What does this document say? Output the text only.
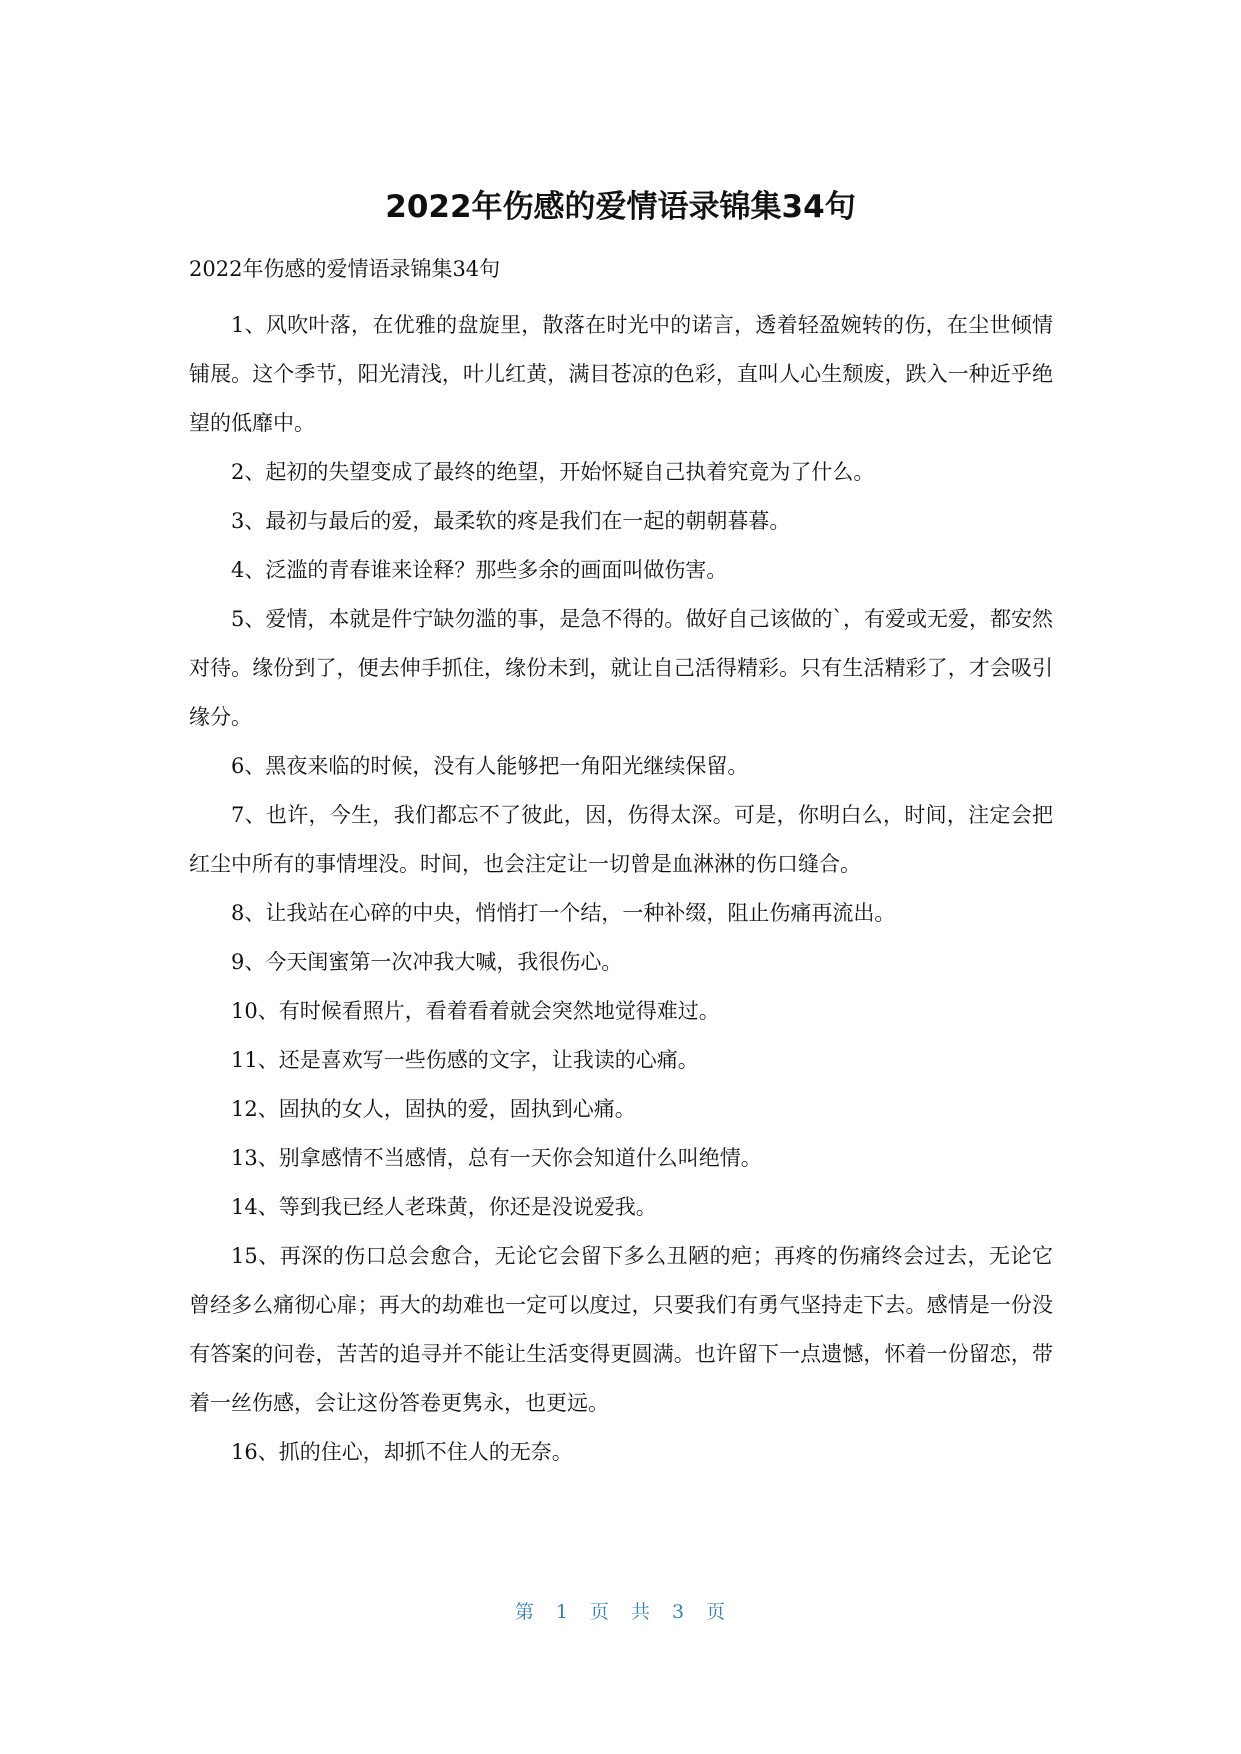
2022年伤感的爱情语录锦集34句

2022年伤感的爱情语录锦集34句

1、风吹叶落，在优雅的盘旋里，散落在时光中的诺言，透着轻盈婉转的伤，在尘世倾情铺展。这个季节，阳光清浅，叶儿红黄，满目苍凉的色彩，直叫人心生颓废，跌入一种近乎绝望的低靡中。

2、起初的失望变成了最终的绝望，开始怀疑自己执着究竟为了什么。

3、最初与最后的爱，最柔软的疼是我们在一起的朝朝暮暮。

4、泛滥的青春谁来诠释？那些多余的画面叫做伤害。

5、爱情，本就是件宁缺勿滥的事，是急不得的。做好自己该做的`，有爱或无爱，都安然对待。缘份到了，便去伸手抓住，缘份未到，就让自己活得精彩。只有生活精彩了，才会吸引缘分。

6、黑夜来临的时候，没有人能够把一角阳光继续保留。

7、也许，今生，我们都忘不了彼此，因，伤得太深。可是，你明白么，时间，注定会把红尘中所有的事情埋没。时间，也会注定让一切曾是血淋淋的伤口缝合。

8、让我站在心碎的中央，悄悄打一个结，一种补缀，阻止伤痛再流出。

9、今天闺蜜第一次冲我大喊，我很伤心。

10、有时候看照片，看着看着就会突然地觉得难过。

11、还是喜欢写一些伤感的文字，让我读的心痛。

12、固执的女人，固执的爱，固执到心痛。

13、别拿感情不当感情，总有一天你会知道什么叫绝情。

14、等到我已经人老珠黄，你还是没说爱我。

15、再深的伤口总会愈合，无论它会留下多么丑陋的疤；再疼的伤痛终会过去，无论它曾经多么痛彻心扉；再大的劫难也一定可以度过，只要我们有勇气坚持走下去。感情是一份没有答案的问卷，苦苦的追寻并不能让生活变得更圆满。也许留下一点遗憾，怀着一份留恋，带着一丝伤感，会让这份答卷更隽永，也更远。

16、抓的住心，却抓不住人的无奈。

第 1 页 共 3 页
